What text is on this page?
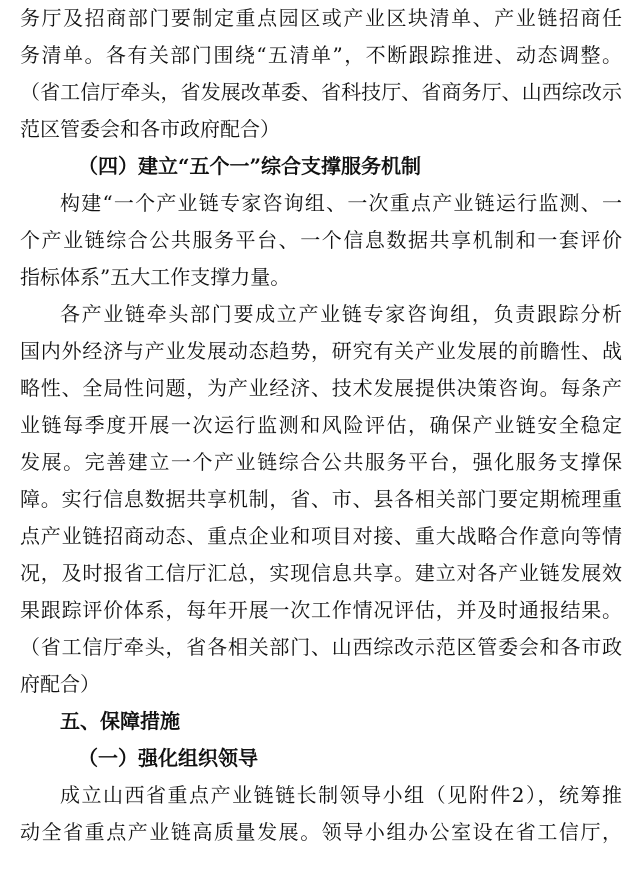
务厅及招商部门要制定重点园区或产业区块清单、产业链招商任
务清单。各有关部门围绕“五清单”，不断跟踪推进、动态调整。
（省工信厅牵头，省发展改革委、省科技厅、省商务厅、山西综改示
范区管委会和各市政府配合）
（四）建立“五个一”综合支撑服务机制
构建“一个产业链专家咨询组、一次重点产业链运行监测、一
个产业链综合公共服务平台、一个信息数据共享机制和一套评价
指标体系”五大工作支撑力量。
各产业链牵头部门要成立产业链专家咨询组，负责跟踪分析
国内外经济与产业发展动态趋势，研究有关产业发展的前瞻性、战
略性、全局性问题，为产业经济、技术发展提供决策咨询。每条产
业链每季度开展一次运行监测和风险评估，确保产业链安全稳定
发展。完善建立一个产业链综合公共服务平台，强化服务支撑保
障。实行信息数据共享机制，省、市、县各相关部门要定期梳理重
点产业链招商动态、重点企业和项目对接、重大战略合作意向等情
况，及时报省工信厅汇总，实现信息共享。建立对各产业链发展效
果跟踪评价体系，每年开展一次工作情况评估，并及时通报结果。
（省工信厅牵头，省各相关部门、山西综改示范区管委会和各市政
府配合）
五、保障措施
（一）强化组织领导
成立山西省重点产业链链长制领导小组（见附件2），统筹推
动全省重点产业链高质量发展。领导小组办公室设在省工信厅，
